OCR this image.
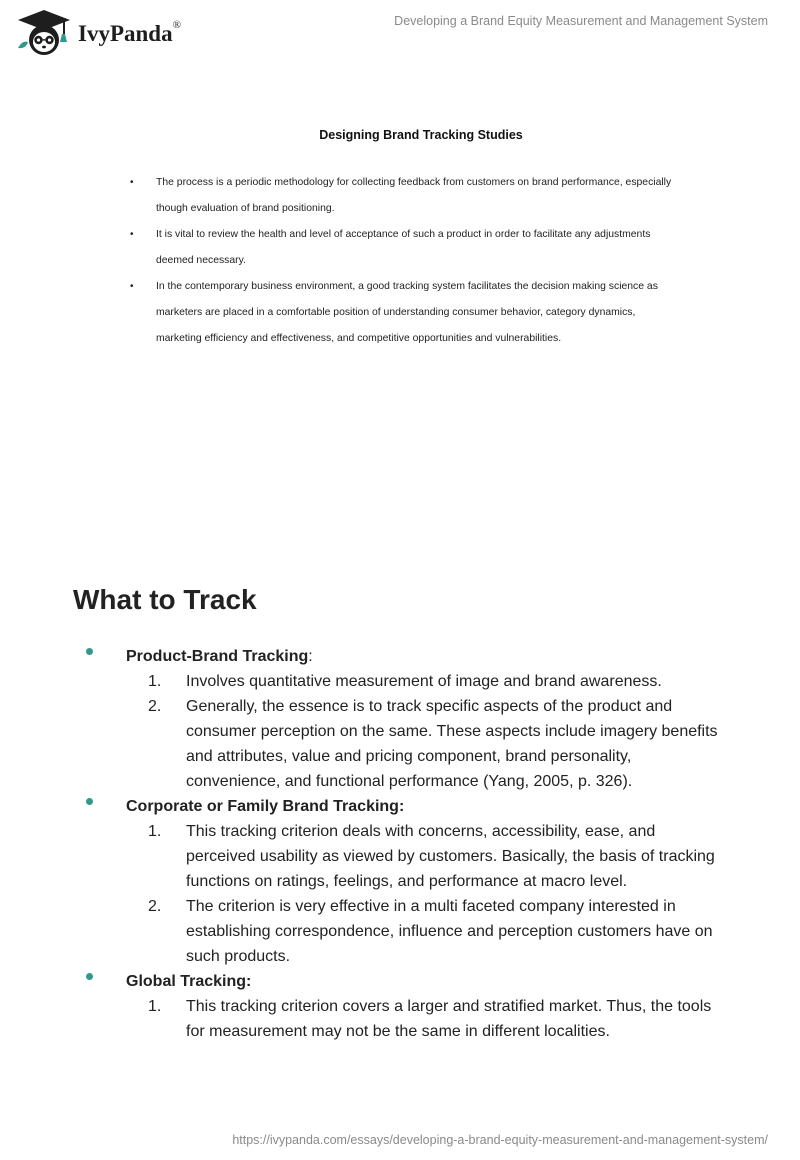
IvyPanda®	Developing a Brand Equity Measurement and Management System

Designing Brand Tracking Studies

• The process is a periodic methodology for collecting feedback from customers on brand performance, especially
though evaluation of brand positioning.
• It is vital to review the health and level of acceptance of such a product in order to facilitate any adjustments
deemed necessary.
• In the contemporary business environment, a good tracking system facilitates the decision making science as
marketers are placed in a comfortable position of understanding consumer behavior, category dynamics,
marketing efficiency and effectiveness, and competitive opportunities and vulnerabilities.
What to Track
Product-Brand Tracking:
1. Involves quantitative measurement of image and brand awareness.
2. Generally, the essence is to track specific aspects of the product and consumer perception on the same. These aspects include imagery benefits and attributes, value and pricing component, brand personality, convenience, and functional performance (Yang, 2005, p. 326).
Corporate or Family Brand Tracking:
1. This tracking criterion deals with concerns, accessibility, ease, and perceived usability as viewed by customers. Basically, the basis of tracking functions on ratings, feelings, and performance at macro level.
2. The criterion is very effective in a multi faceted company interested in establishing correspondence, influence and perception customers have on such products.
Global Tracking:
1. This tracking criterion covers a larger and stratified market. Thus, the tools for measurement may not be the same in different localities.
https://ivypanda.com/essays/developing-a-brand-equity-measurement-and-management-system/
